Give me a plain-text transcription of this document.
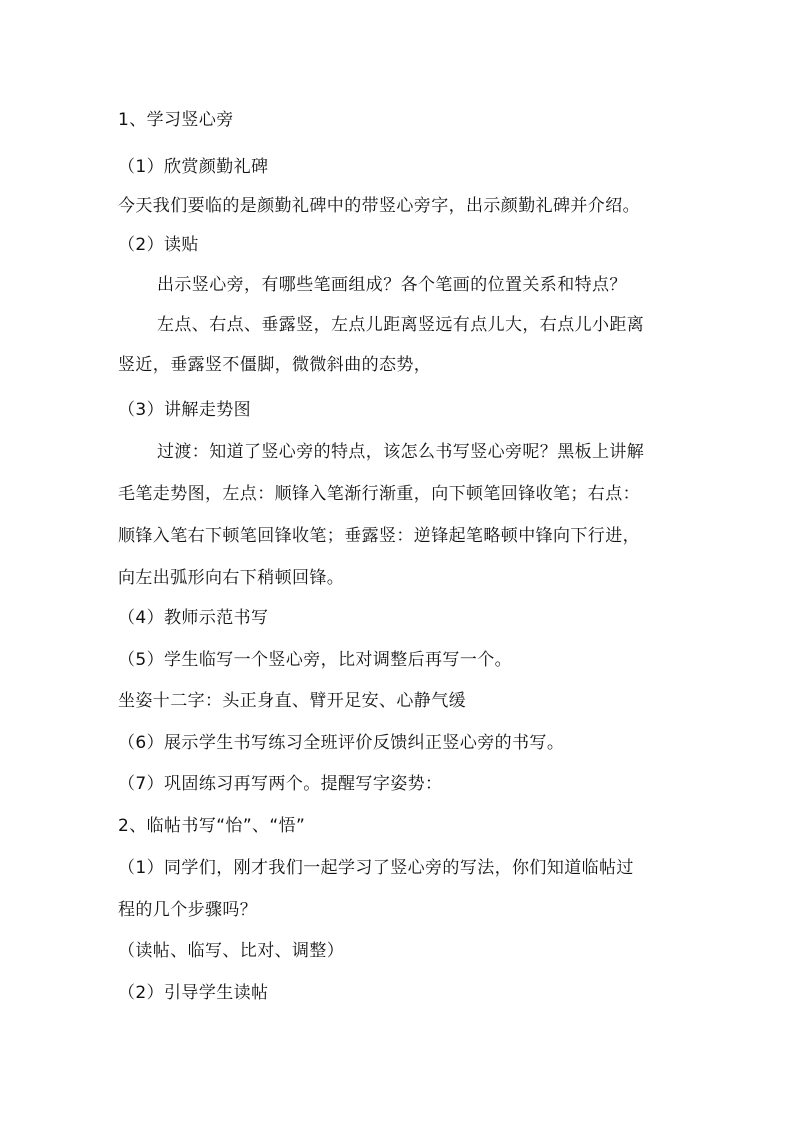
1、学习竖心旁

（1）欣赏颜勤礼碑

今天我们要临的是颜勤礼碑中的带竖心旁字，出示颜勤礼碑并介绍。

（2）读贴

出示竖心旁，有哪些笔画组成？各个笔画的位置关系和特点？

左点、右点、垂露竖，左点儿距离竖远有点儿大，右点儿小距离

竖近，垂露竖不僵脚，微微斜曲的态势，

（3）讲解走势图

过渡：知道了竖心旁的特点，该怎么书写竖心旁呢？黑板上讲解

毛笔走势图，左点：顺锋入笔渐行渐重，向下顿笔回锋收笔；右点：

顺锋入笔右下顿笔回锋收笔；垂露竖：逆锋起笔略顿中锋向下行进，

向左出弧形向右下稍顿回锋。

（4）教师示范书写

（5）学生临写一个竖心旁，比对调整后再写一个。

坐姿十二字：头正身直、臂开足安、心静气缓

（6）展示学生书写练习全班评价反馈纠正竖心旁的书写。

（7）巩固练习再写两个。提醒写字姿势：

2、临帖书写“怡”、“悟”

（1）同学们，刚才我们一起学习了竖心旁的写法，你们知道临帖过

程的几个步骤吗？

（读帖、临写、比对、调整）

（2）引导学生读帖
